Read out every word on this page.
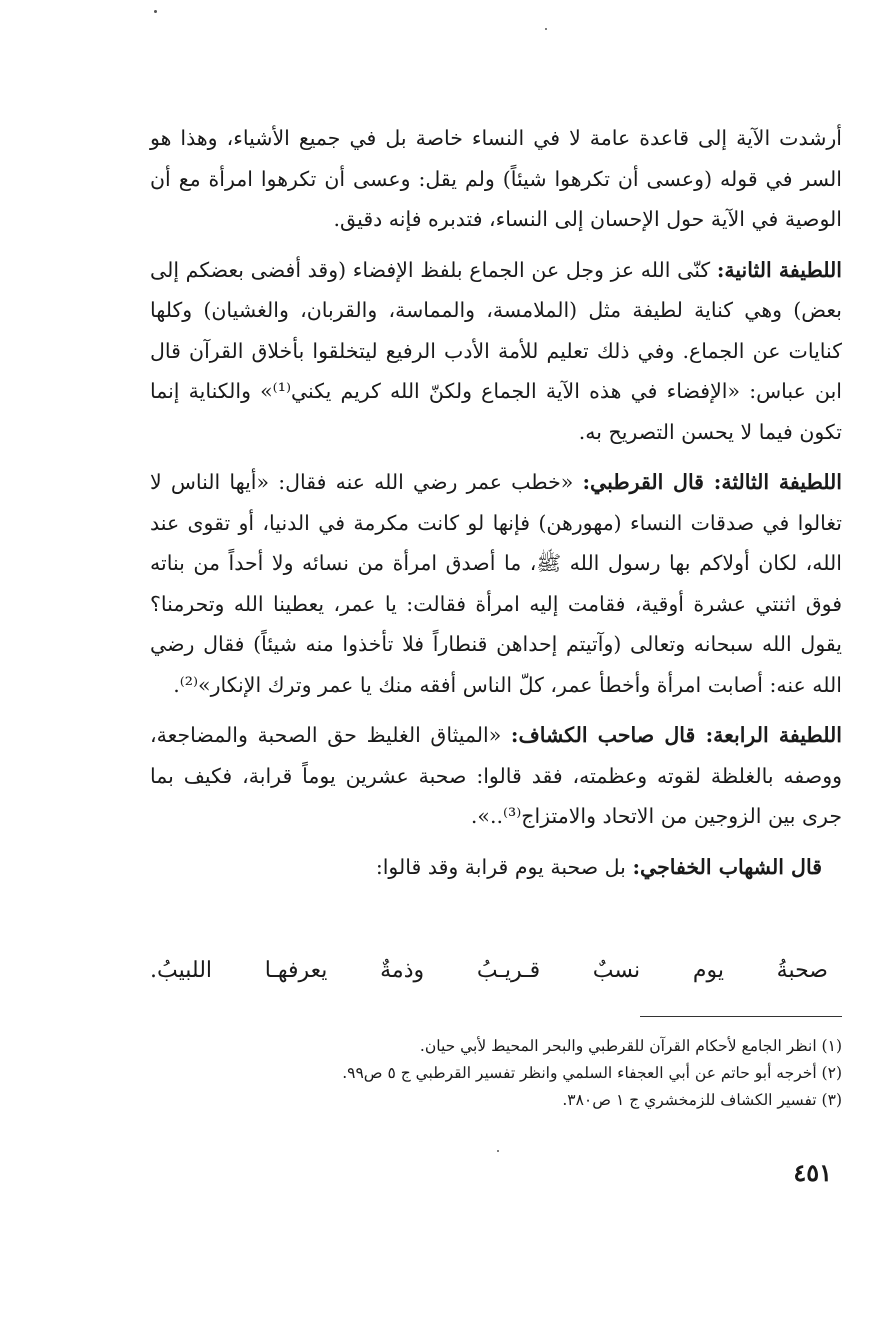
أرشدت الآية إلى قاعدة عامة لا في النساء خاصة بل في جميع الأشياء، وهذا هو السر في قوله (وعسى أن تكرهوا شيئاً) ولم يقل: وعسى أن تكرهوا امرأة مع أن الوصية في الآية حول الإحسان إلى النساء، فتدبره فإنه دقيق.

اللطيفة الثانية: كنّى الله عز وجل عن الجماع بلفظ الإفضاء (وقد أفضى بعضكم إلى بعض) وهي كناية لطيفة مثل (الملامسة، والمماسة، والقربان، والغشيان) وكلها كنايات عن الجماع. وفي ذلك تعليم للأمة الأدب الرفيع ليتخلقوا بأخلاق القرآن قال ابن عباس: «الإفضاء في هذه الآية الجماع ولكنّ الله كريم يكني⁽¹⁾» والكناية إنما تكون فيما لا يحسن التصريح به.

اللطيفة الثالثة: قال القرطبي: «خطب عمر رضي الله عنه فقال: «أيها الناس لا تغالوا في صدقات النساء (مهورهن) فإنها لو كانت مكرمة في الدنيا، أو تقوى عند الله، لكان أولاكم بها رسول الله ﷺ، ما أصدق امرأة من نسائه ولا أحداً من بناته فوق اثنتي عشرة أوقية، فقامت إليه امرأة فقالت: يا عمر، يعطينا الله وتحرمنا؟ يقول الله سبحانه وتعالى (وآتيتم إحداهن قنطاراً فلا تأخذوا منه شيئاً) فقال رضي الله عنه: أصابت امرأة وأخطأ عمر، كلّ الناس أفقه منك يا عمر وترك الإنكار»⁽²⁾.

اللطيفة الرابعة: قال صاحب الكشاف: «الميثاق الغليظ حق الصحبة والمضاجعة، ووصفه بالغلظة لقوته وعظمته، فقد قالوا: صحبة عشرين يوماً قرابة، فكيف بما جرى بين الزوجين من الاتحاد والامتزاج⁽³⁾..».

قال الشهاب الخفاجي: بل صحبة يوم قرابة وقد قالوا:

صحبةُ
يوم
نسبٌ
قـريـبُ
وذمةٌ
يعرفهـا
اللبيبُ.

(١) انظر الجامع لأحكام القرآن للقرطبي والبحر المحيط لأبي حيان.

(٢) أخرجه أبو حاتم عن أبي العجفاء السلمي وانظر تفسير القرطبي ج ٥ ص٩٩.

(٣) تفسير الكشاف للزمخشري ج ١ ص٣٨٠.

٤٥١
